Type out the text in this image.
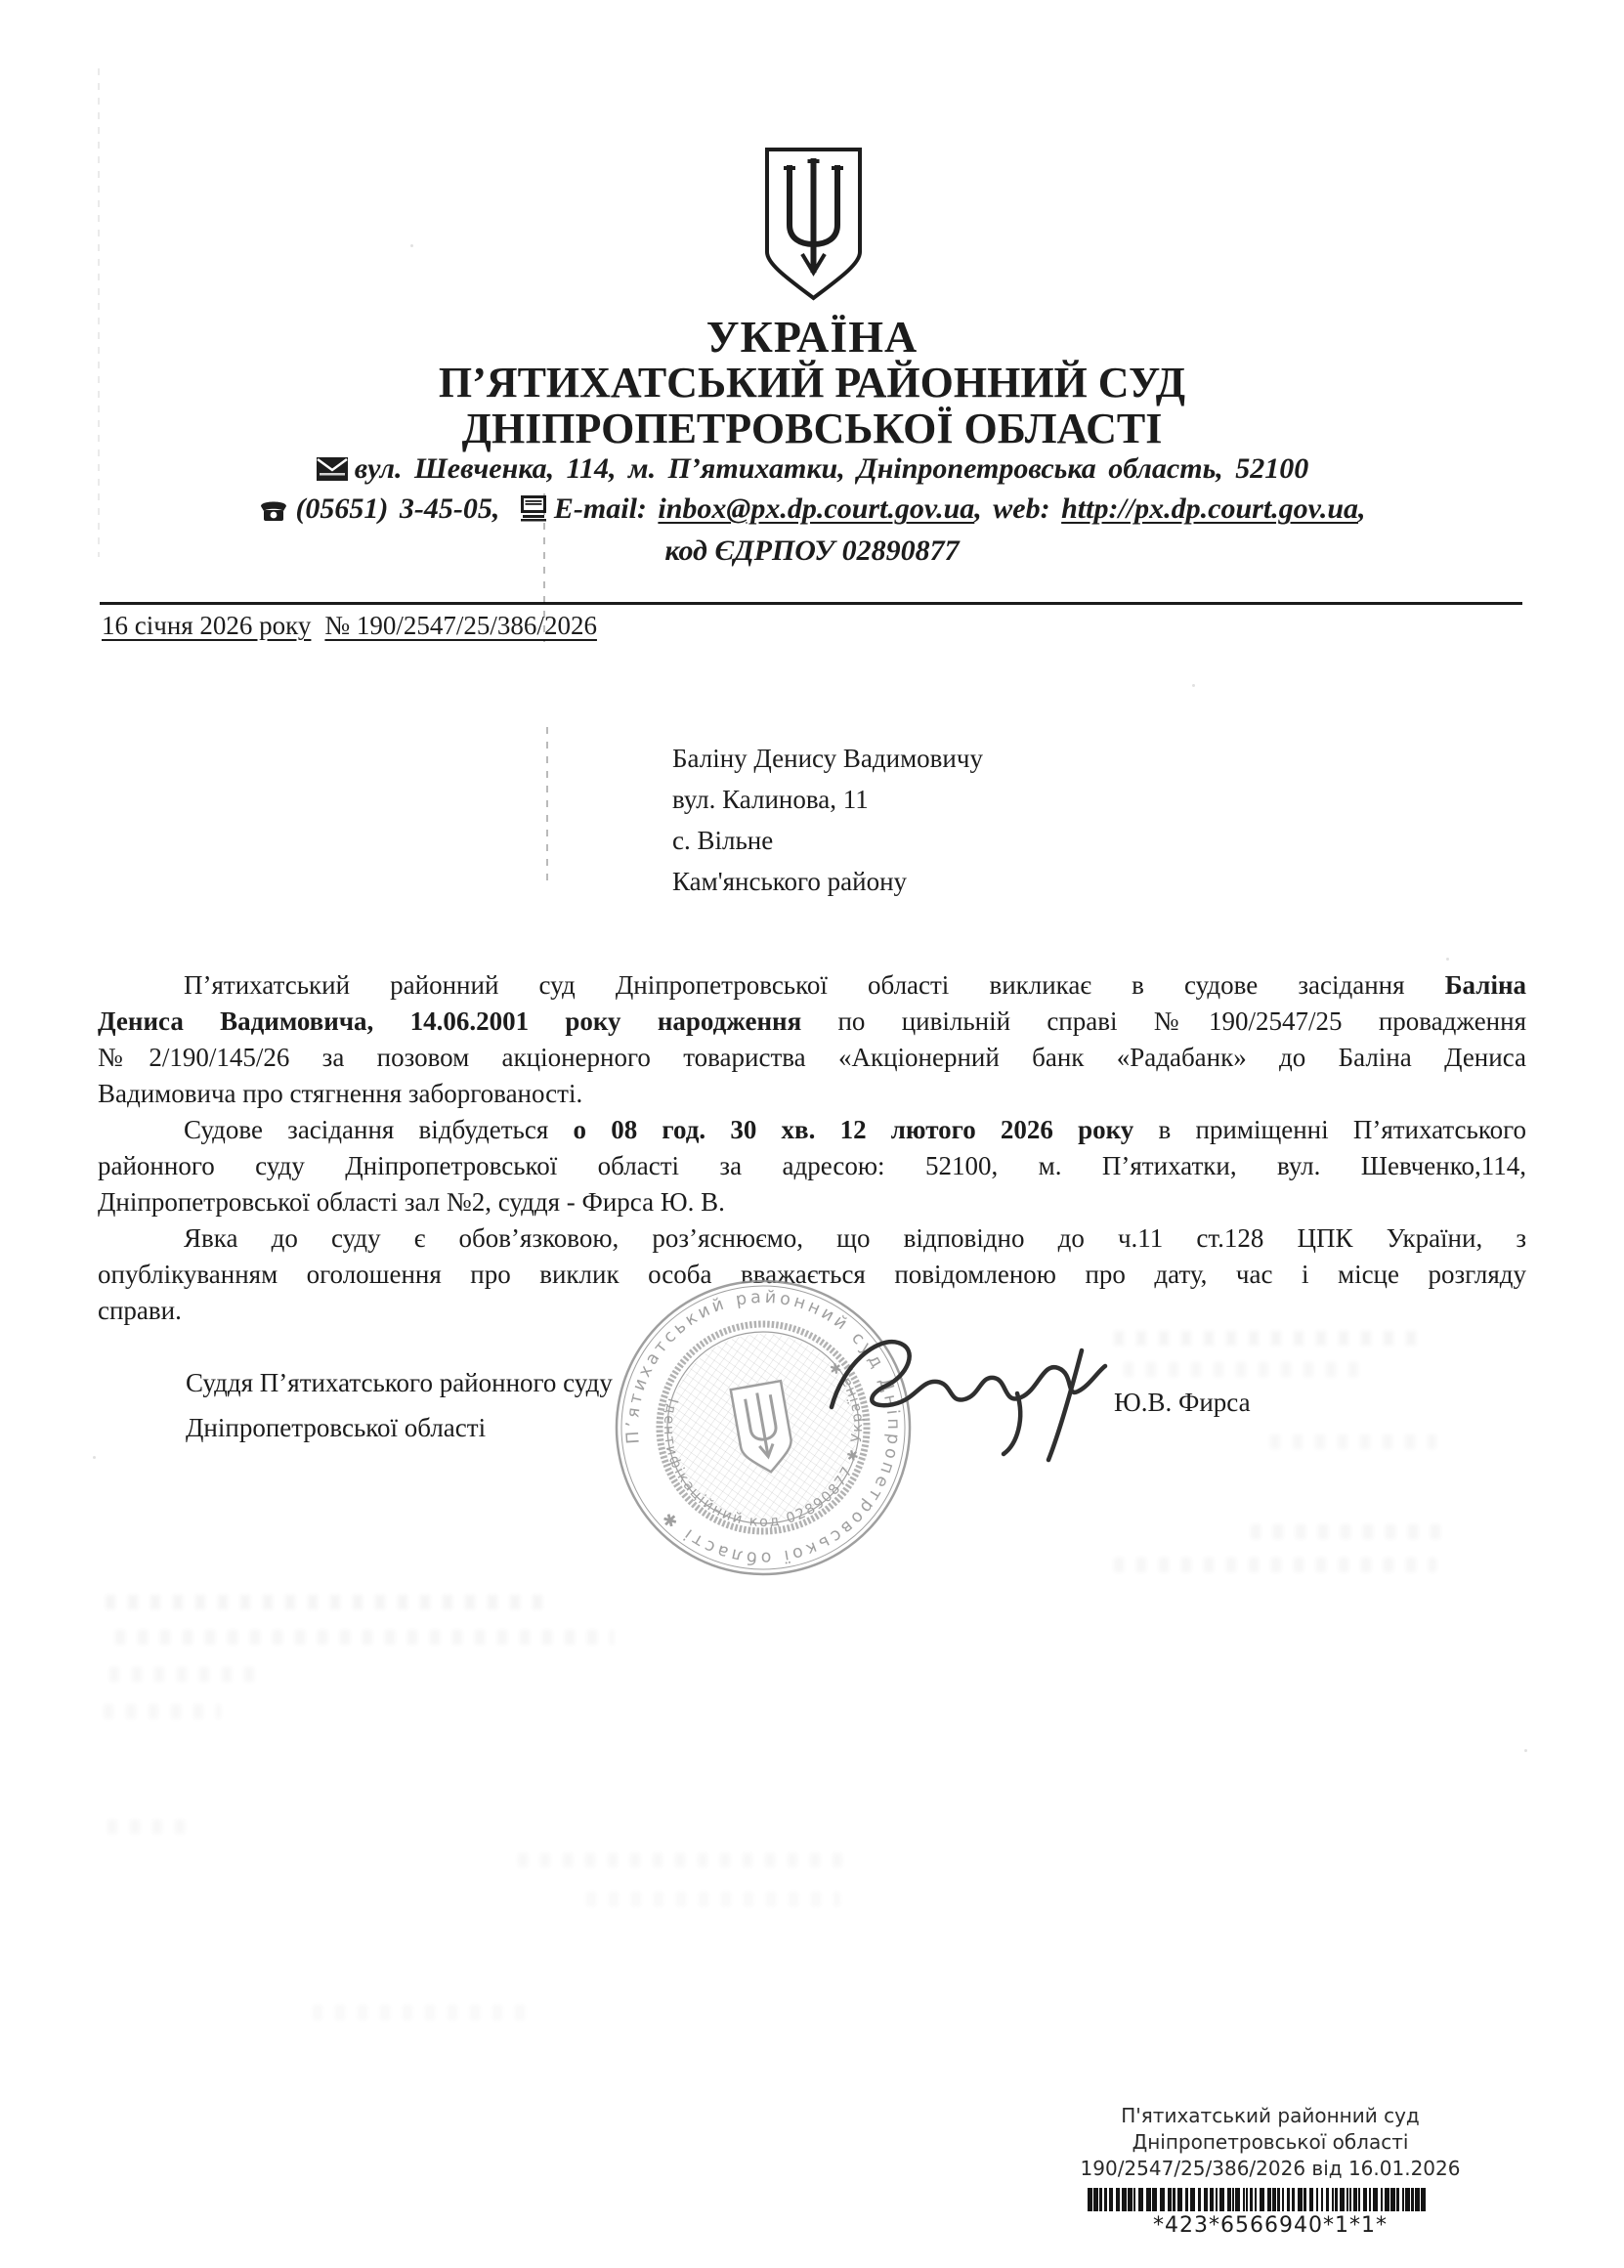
УКРАЇНА
П’ЯТИХАТСЬКИЙ РАЙОННИЙ СУД
ДНІПРОПЕТРОВСЬКОЇ ОБЛАСТІ
вул. Шевченка, 114, м. П’ятихатки, Дніпропетровська область, 52100
(05651) 3-45-05, E-mail: inbox@px.dp.court.gov.ua, web: http://px.dp.court.gov.ua,
код ЄДРПОУ 02890877
16 січня 2026 року № 190/2547/25/386/2026
Баліну Денису Вадимовичу
вул. Калинова, 11
с. Вільне
Кам'янського району
П’ятихатський районний суд Дніпропетровської області викликає в судове засідання Баліна
Дениса Вадимовича, 14.06.2001 року народження по цивільній справі №190/2547/25 провадження
№2/190/145/26 за позовом акціонерного товариства «Акціонерний банк «Радабанк» до Баліна Дениса
Вадимовича про стягнення заборгованості.
Судове засідання відбудеться о 08 год. 30 хв. 12 лютого 2026 року в приміщенні П’ятихатського
районного суду Дніпропетровської області за адресою: 52100, м. П’ятихатки, вул. Шевченко,114,
Дніпропетровської області зал №2, суддя - Фирса Ю. В.
Явка до суду є обов’язковою, роз’яснюємо, що відповідно до ч.11 ст.128 ЦПК України, з
опублікуванням оголошення про виклик особа вважається повідомленою про дату, час і місце розгляду
справи.
Суддя П’ятихатського районного суду
Дніпропетровської області
Ю.В. Фирса
П’ятихатський районний суд Дніпропетровської області ✱
Ідентифікаційний код 02890877 ✱ Україна ✱
П'ятихатський районний суд
Дніпропетровської області
190/2547/25/386/2026 від 16.01.2026
*423*6566940*1*1*
